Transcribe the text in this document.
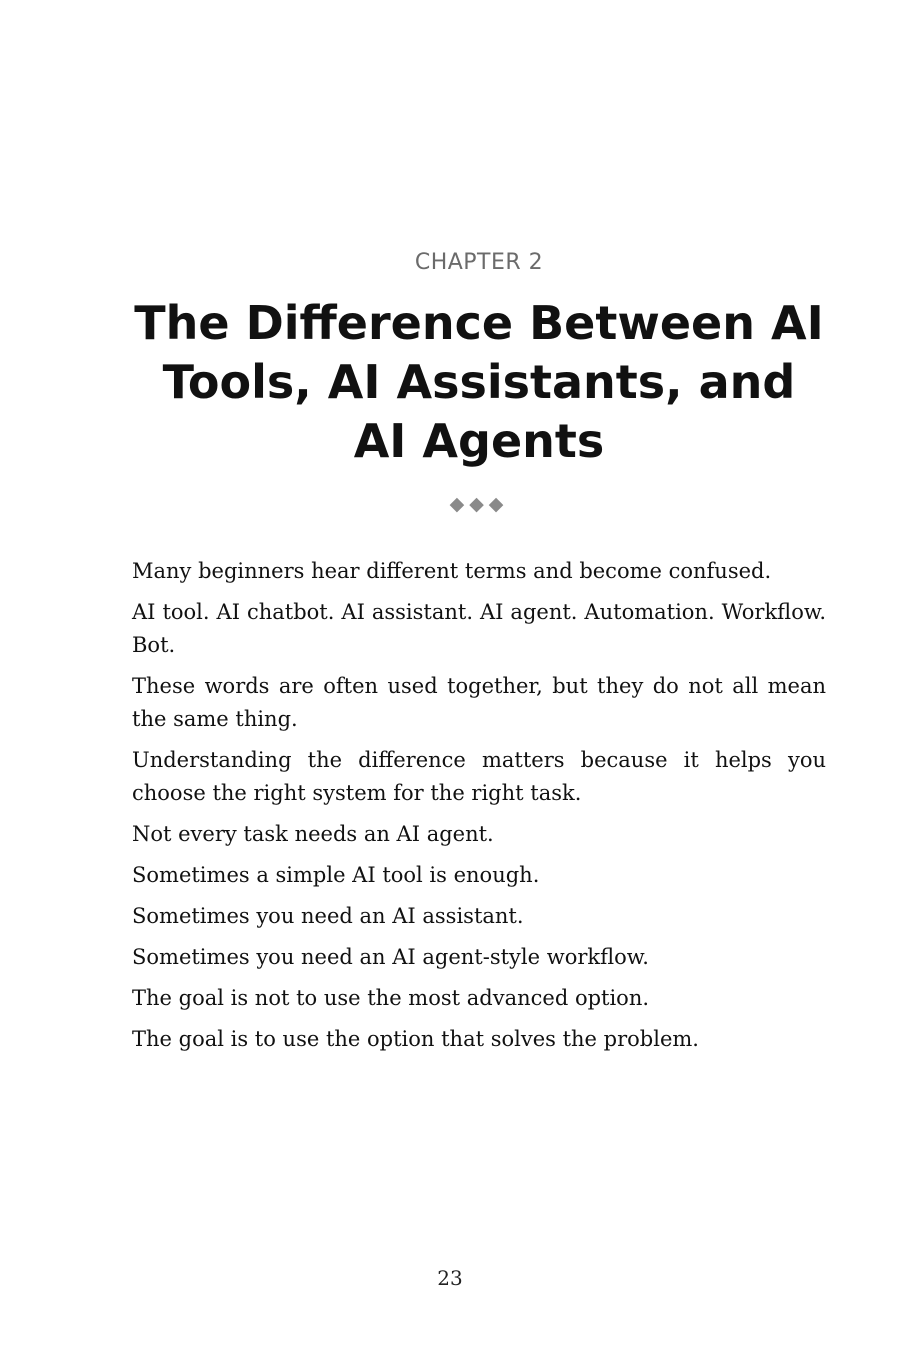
CHAPTER 2
The Difference Between AI Tools, AI Assistants, and AI Agents
◆◆◆

Many beginners hear different terms and become confused.

AI tool. AI chatbot. AI assistant. AI agent. Automation. Workflow. Bot.

These words are often used together, but they do not all mean the same thing.

Understanding the difference matters because it helps you choose the right system for the right task.

Not every task needs an AI agent.

Sometimes a simple AI tool is enough.

Sometimes you need an AI assistant.

Sometimes you need an AI agent-style workflow.

The goal is not to use the most advanced option.

The goal is to use the option that solves the problem.

23
